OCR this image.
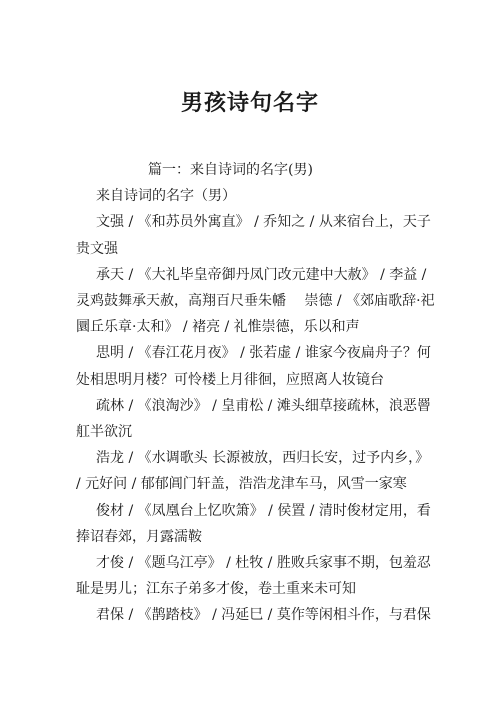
男孩诗句名字

篇一：来自诗词的名字(男)

来自诗词的名字（男）

文强 / 《和苏员外寓直》 / 乔知之 / 从来宿台上，天子
贵文强
承天 / 《大礼毕皇帝御丹凤门改元建中大赦》 / 李益 /
灵鸡鼓舞承天赦，高翔百尺垂朱幡　 崇德 / 《郊庙歌辞·祀
圜丘乐章·太和》 / 褚亮 / 礼惟崇德，乐以和声
思明 / 《春江花月夜》 / 张若虚 / 谁家今夜扁舟子？何
处相思明月楼？可怜楼上月徘徊，应照离人妆镜台
疏林 / 《浪淘沙》 / 皇甫松 / 滩头细草接疏林，浪恶罾
舡半欲沉
浩龙 / 《水调歌头 长源被放，西归长安，过予内乡，》
/ 元好问 / 郁郁阊门轩盖，浩浩龙津车马，风雪一家寒
俊材 / 《凤凰台上忆吹箫》 / 侯置 / 清时俊材定用，看
捧诏春郊，月露濡鞍
才俊 / 《题乌江亭》 / 杜牧 / 胜败兵家事不期，包羞忍
耻是男儿；江东子弟多才俊，卷土重来未可知
君保 / 《鹊踏枝》 / 冯延巳 / 莫作等闲相斗作，与君保
